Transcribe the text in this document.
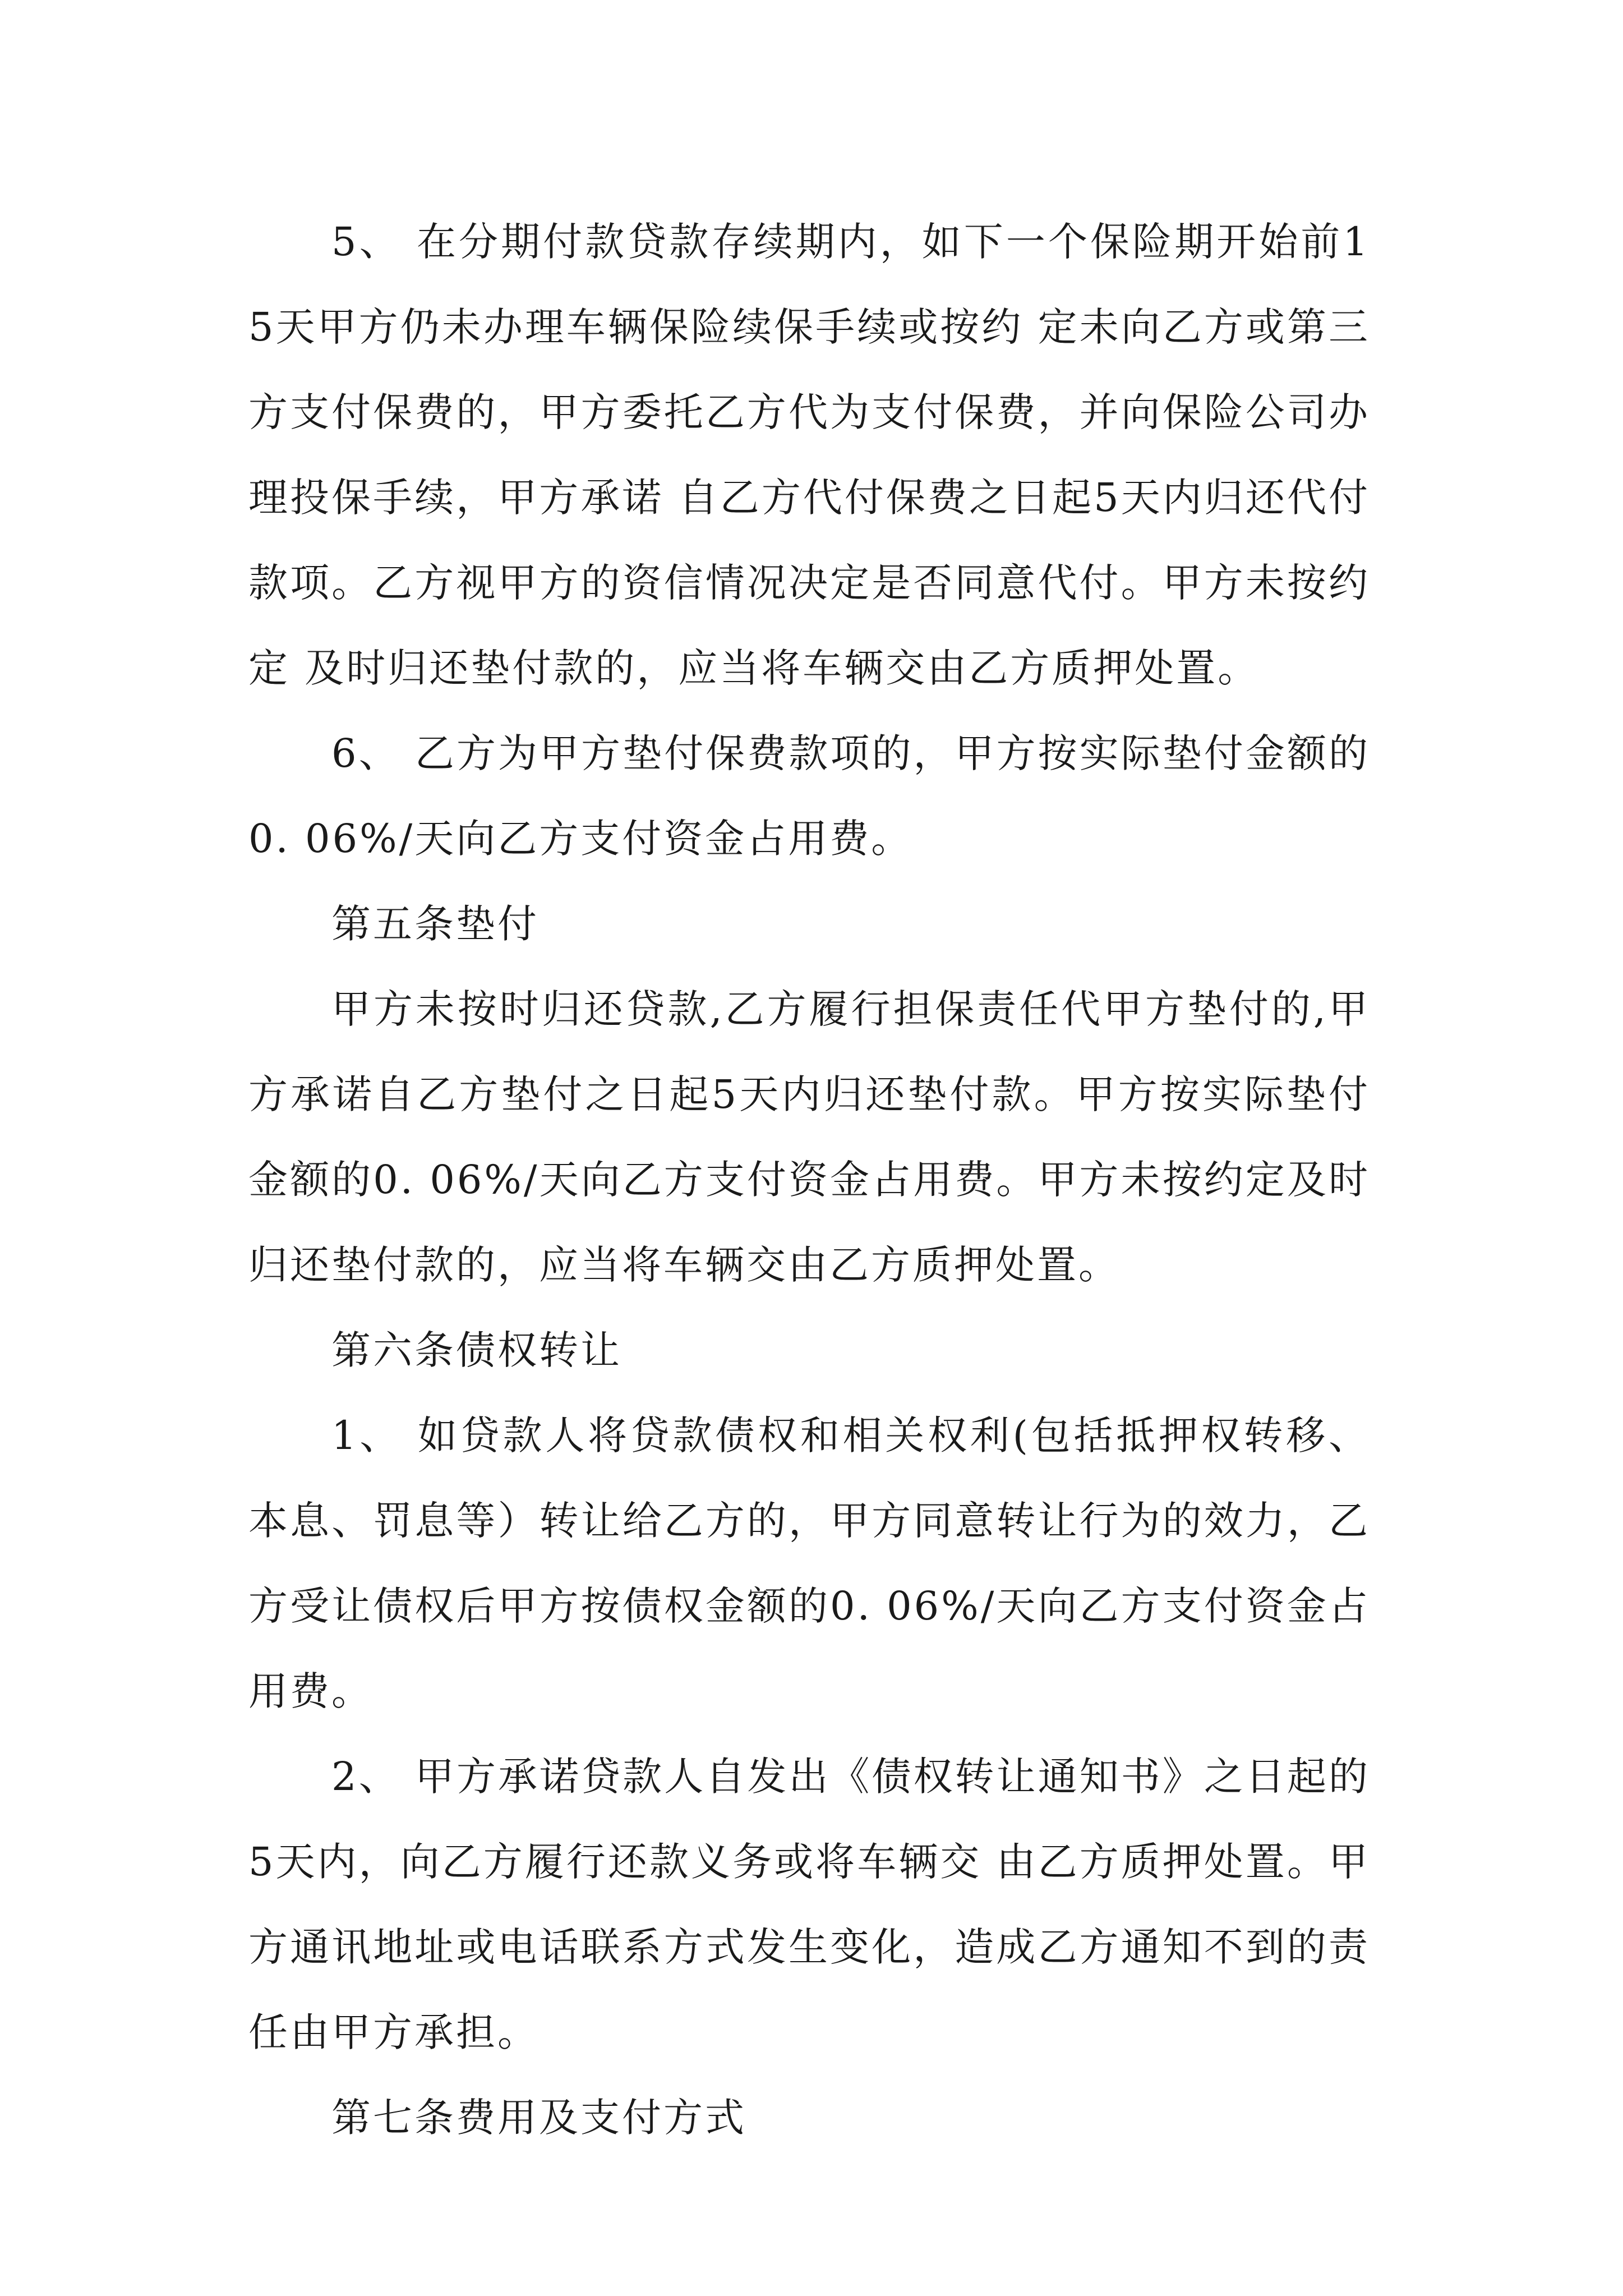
5、 在分期付款贷款存续期内，如下一个保险期开始前15天甲方仍未办理车辆保险续保手续或按约 定未向乙方或第三方支付保费的，甲方委托乙方代为支付保费，并向保险公司办理投保手续，甲方承诺 自乙方代付保费之日起5天内归还代付款项。乙方视甲方的资信情况决定是否同意代付。甲方未按约定 及时归还垫付款的，应当将车辆交由乙方质押处置。

6、 乙方为甲方垫付保费款项的，甲方按实际垫付金额的0. 06%/天向乙方支付资金占用费。

第五条垫付

甲方未按时归还贷款,乙方履行担保责任代甲方垫付的,甲方承诺自乙方垫付之日起5天内归还垫付款。甲方按实际垫付金额的0. 06%/天向乙方支付资金占用费。甲方未按约定及时归还垫付款的，应当将车辆交由乙方质押处置。

第六条债权转让

1、 如贷款人将贷款债权和相关权利(包括抵押权转移、本息、罚息等）转让给乙方的，甲方同意转让行为的效力，乙方受让债权后甲方按债权金额的0. 06%/天向乙方支付资金占用费。

2、 甲方承诺贷款人自发出《债权转让通知书》之日起的5天内，向乙方履行还款义务或将车辆交 由乙方质押处置。甲方通讯地址或电话联系方式发生变化，造成乙方通知不到的责任由甲方承担。

第七条费用及支付方式
